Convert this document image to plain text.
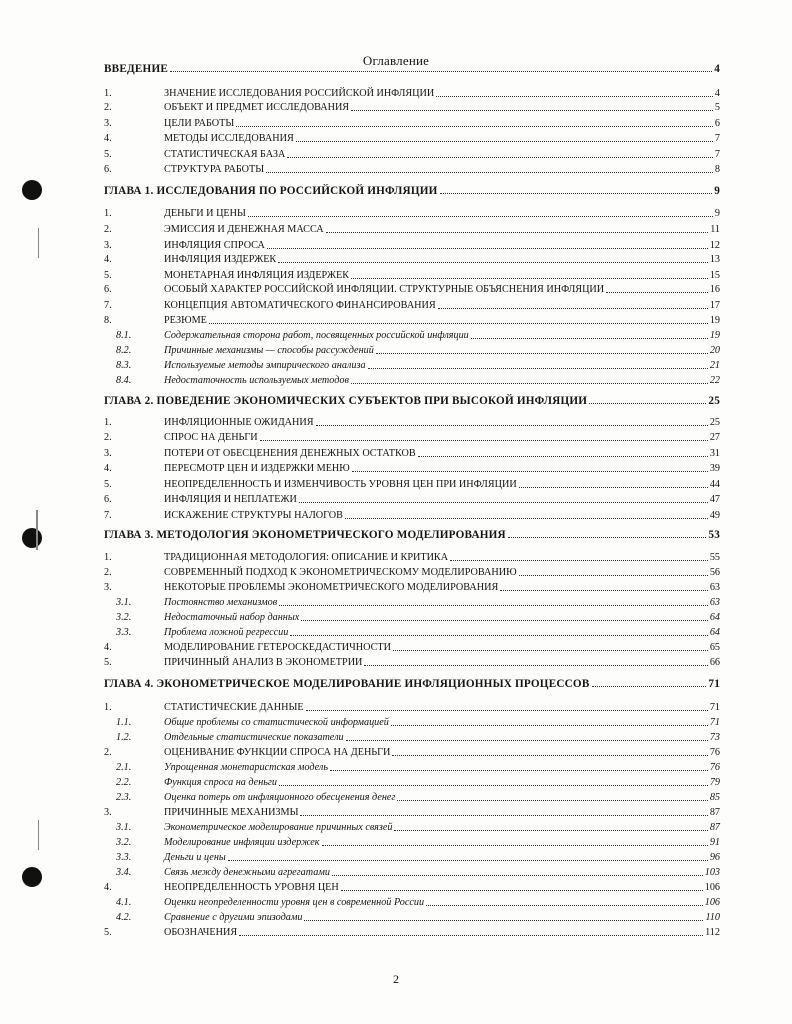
Оглавление
ВВЕДЕНИЕ	4
1.	ЗНАЧЕНИЕ ИССЛЕДОВАНИЯ РОССИЙСКОЙ ИНФЛЯЦИИ	4
2.	ОБЪЕКТ И ПРЕДМЕТ ИССЛЕДОВАНИЯ	5
3.	ЦЕЛИ РАБОТЫ	6
4.	МЕТОДЫ ИССЛЕДОВАНИЯ	7
5.	СТАТИСТИЧЕСКАЯ БАЗА	7
6.	СТРУКТУРА РАБОТЫ	8
ГЛАВА 1. ИССЛЕДОВАНИЯ ПО РОССИЙСКОЙ ИНФЛЯЦИИ	9
1.	ДЕНЬГИ И ЦЕНЫ	9
2.	ЭМИССИЯ И ДЕНЕЖНАЯ МАССА	11
3.	ИНФЛЯЦИЯ СПРОСА	12
4.	ИНФЛЯЦИЯ ИЗДЕРЖЕК	13
5.	МОНЕТАРНАЯ ИНФЛЯЦИЯ ИЗДЕРЖЕК	15
6.	ОСОБЫЙ ХАРАКТЕР РОССИЙСКОЙ ИНФЛЯЦИИ. СТРУКТУРНЫЕ ОБЪЯСНЕНИЯ ИНФЛЯЦИИ	16
7.	КОНЦЕПЦИЯ АВТОМАТИЧЕСКОГО ФИНАНСИРОВАНИЯ	17
8.	РЕЗЮМЕ	19
8.1.	Содержательная сторона работ, посвященных российской инфляции	19
8.2.	Причинные механизмы — способы рассуждений	20
8.3.	Используемые методы эмпирического анализа	21
8.4.	Недостаточность используемых методов	22
ГЛАВА 2. ПОВЕДЕНИЕ ЭКОНОМИЧЕСКИХ СУБЪЕКТОВ ПРИ ВЫСОКОЙ ИНФЛЯЦИИ	25
1.	ИНФЛЯЦИОННЫЕ ОЖИДАНИЯ	25
2.	СПРОС НА ДЕНЬГИ	27
3.	ПОТЕРИ ОТ ОБЕСЦЕНЕНИЯ ДЕНЕЖНЫХ ОСТАТКОВ	31
4.	ПЕРЕСМОТР ЦЕН И ИЗДЕРЖКИ МЕНЮ	39
5.	НЕОПРЕДЕЛЕННОСТЬ И ИЗМЕНЧИВОСТЬ УРОВНЯ ЦЕН ПРИ ИНФЛЯЦИИ	44
6.	ИНФЛЯЦИЯ И НЕПЛАТЕЖИ	47
7.	ИСКАЖЕНИЕ СТРУКТУРЫ НАЛОГОВ	49
ГЛАВА 3. МЕТОДОЛОГИЯ ЭКОНОМЕТРИЧЕСКОГО МОДЕЛИРОВАНИЯ	53
1.	ТРАДИЦИОННАЯ МЕТОДОЛОГИЯ: ОПИСАНИЕ И КРИТИКА	55
2.	СОВРЕМЕННЫЙ ПОДХОД К ЭКОНОМЕТРИЧЕСКОМУ МОДЕЛИРОВАНИЮ	56
3.	НЕКОТОРЫЕ ПРОБЛЕМЫ ЭКОНОМЕТРИЧЕСКОГО МОДЕЛИРОВАНИЯ	63
3.1.	Постоянство механизмов	63
3.2.	Недостаточный набор данных	64
3.3.	Проблема ложной регрессии	64
4.	МОДЕЛИРОВАНИЕ ГЕТЕРОСКЕДАСТИЧНОСТИ	65
5.	ПРИЧИННЫЙ АНАЛИЗ В ЭКОНОМЕТРИИ	66
ГЛАВА 4. ЭКОНОМЕТРИЧЕСКОЕ МОДЕЛИРОВАНИЕ ИНФЛЯЦИОННЫХ ПРОЦЕССОВ	71
1.	СТАТИСТИЧЕСКИЕ ДАННЫЕ	71
1.1.	Общие проблемы со статистической информацией	71
1.2.	Отдельные статистические показатели	73
2.	ОЦЕНИВАНИЕ ФУНКЦИИ СПРОСА НА ДЕНЬГИ	76
2.1.	Упрощенная монетаристская модель	76
2.2.	Функция спроса на деньги	79
2.3.	Оценка потерь от инфляционного обесценения денег	85
3.	ПРИЧИННЫЕ МЕХАНИЗМЫ	87
3.1.	Эконометрическое моделирование причинных связей	87
3.2.	Моделирование инфляции издержек	91
3.3.	Деньги и цены	96
3.4.	Связь между денежными агрегатами	103
4.	НЕОПРЕДЕЛЕННОСТЬ УРОВНЯ ЦЕН	106
4.1.	Оценки неопределенности уровня цен в современной России	106
4.2.	Сравнение с другими эпизодами	110
5.	ОБОЗНАЧЕНИЯ	112
2
